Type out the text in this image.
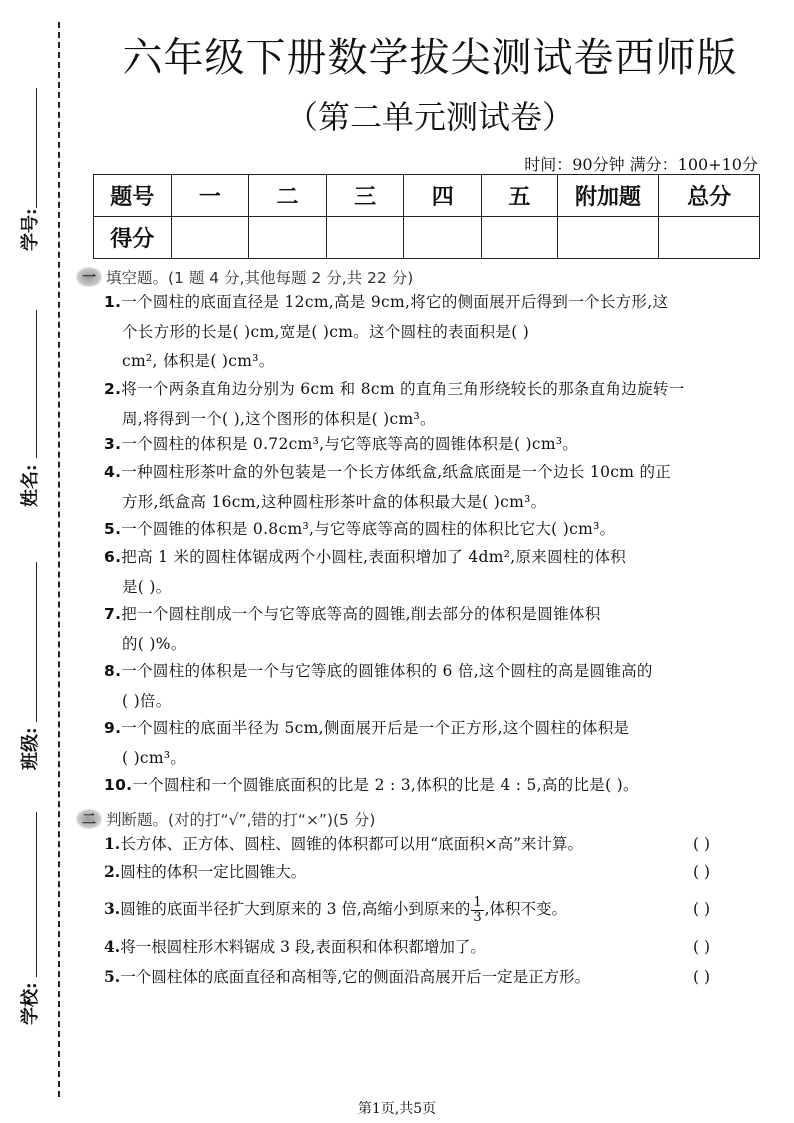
学号:
姓名:
班级:
学校:
六年级下册数学拔尖测试卷西师版
（第二单元测试卷）
时间：90分钟 满分：100+10分
题号	一	二	三	四	五	附加题	总分
得分							
一 填空题。(1 题 4 分,其他每题 2 分,共 22 分)
1.一个圆柱的底面直径是 12cm,高是 9cm,将它的侧面展开后得到一个长方形,这
个长方形的长是( )cm,宽是( )cm。这个圆柱的表面积是( )
cm², 体积是( )cm³。
2.将一个两条直角边分别为 6cm 和 8cm 的直角三角形绕较长的那条直角边旋转一
周,将得到一个( ),这个图形的体积是( )cm³。
3.一个圆柱的体积是 0.72cm³,与它等底等高的圆锥体积是( )cm³。
4.一种圆柱形茶叶盒的外包装是一个长方体纸盒,纸盒底面是一个边长 10cm 的正
方形,纸盒高 16cm,这种圆柱形茶叶盒的体积最大是( )cm³。
5.一个圆锥的体积是 0.8cm³,与它等底等高的圆柱的体积比它大( )cm³。
6.把高 1 米的圆柱体锯成两个小圆柱,表面积增加了 4dm²,原来圆柱的体积
是( )。
7.把一个圆柱削成一个与它等底等高的圆锥,削去部分的体积是圆锥体积
的( )%。
8.一个圆柱的体积是一个与它等底的圆锥体积的 6 倍,这个圆柱的高是圆锥高的
( )倍。
9.一个圆柱的底面半径为 5cm,侧面展开后是一个正方形,这个圆柱的体积是
( )cm³。
10.一个圆柱和一个圆锥底面积的比是 2 : 3,体积的比是 4 : 5,高的比是( )。
二 判断题。(对的打“√”,错的打“×”)(5 分)
1.长方体、正方体、圆柱、圆锥的体积都可以用“底面积×高”来计算。	( )
2.圆柱的体积一定比圆锥大。	( )
3.圆锥的底面半径扩大到原来的 3 倍,高缩小到原来的 $\frac{1}{3}$ ,体积不变。	( )
4.将一根圆柱形木料锯成 3 段,表面积和体积都增加了。	( )
5.一个圆柱体的底面直径和高相等,它的侧面沿高展开后一定是正方形。	( )
第1页,共5页
